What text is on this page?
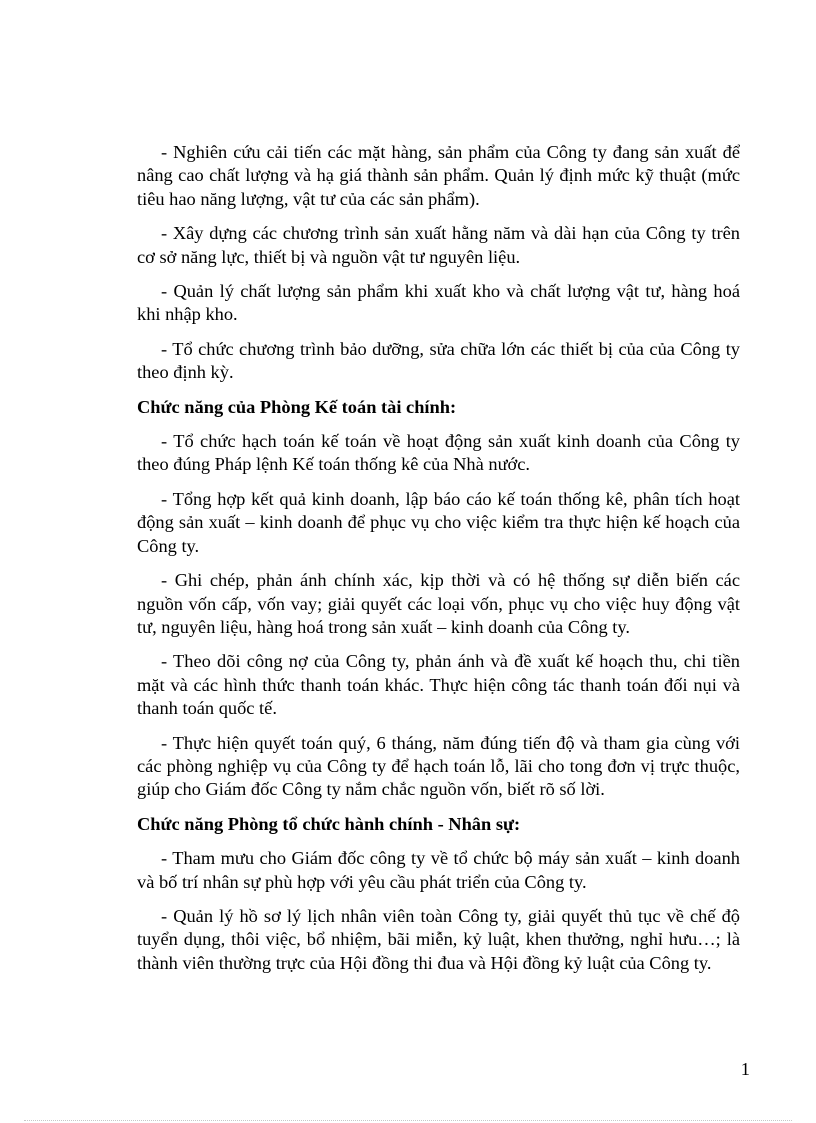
- Nghiên cứu cải tiến các mặt hàng, sản phẩm của Công ty đang sản xuất để nâng cao chất lượng và hạ giá thành sản phẩm. Quản lý định mức kỹ thuật (mức tiêu hao năng lượng, vật tư của các sản phẩm).

- Xây dựng các chương trình sản xuất hằng năm và dài hạn của Công ty trên cơ sở năng lực, thiết bị và nguồn vật tư nguyên liệu.

- Quản lý chất lượng sản phẩm khi xuất kho và chất lượng vật tư, hàng hoá khi nhập kho.

- Tổ chức chương trình bảo dưỡng, sửa chữa lớn các thiết bị của của Công ty theo định kỳ.

Chức năng của Phòng Kế toán tài chính:

- Tổ chức hạch toán kế toán về hoạt động sản xuất kinh doanh của Công ty theo đúng Pháp lệnh Kế toán thống kê của Nhà nước.

- Tổng hợp kết quả kinh doanh, lập báo cáo kế toán thống kê, phân tích hoạt động sản xuất – kinh doanh để phục vụ cho việc kiểm tra thực hiện kế hoạch của Công ty.

- Ghi chép, phản ánh chính xác, kịp thời và có hệ thống sự diễn biến các nguồn vốn cấp, vốn vay; giải quyết các loại vốn, phục vụ cho việc huy động vật tư, nguyên liệu, hàng hoá trong sản xuất – kinh doanh của Công ty.

- Theo dõi công nợ của Công ty, phản ánh và đề xuất kế hoạch thu, chi tiền mặt và các hình thức thanh toán khác. Thực hiện công tác thanh toán đối nụi và thanh toán quốc tế.

- Thực hiện quyết toán quý, 6 tháng, năm đúng tiến độ và tham gia cùng với các phòng nghiệp vụ của Công ty để hạch toán lỗ, lãi cho tong đơn vị trực thuộc, giúp cho Giám đốc Công ty nắm chắc nguồn vốn, biết rõ số lời.

Chức năng Phòng tổ chức hành chính - Nhân sự:

- Tham mưu cho Giám đốc công ty về tổ chức bộ máy sản xuất – kinh doanh và bố trí nhân sự phù hợp với yêu cầu phát triển của Công ty.

- Quản lý hồ sơ lý lịch nhân viên toàn Công ty, giải quyết thủ tục về chế độ tuyển dụng, thôi việc, bổ nhiệm, bãi miễn, kỷ luật, khen thưởng, nghỉ hưu…; là thành viên thường trực của Hội đồng thi đua và Hội đồng kỷ luật của Công ty.

1
